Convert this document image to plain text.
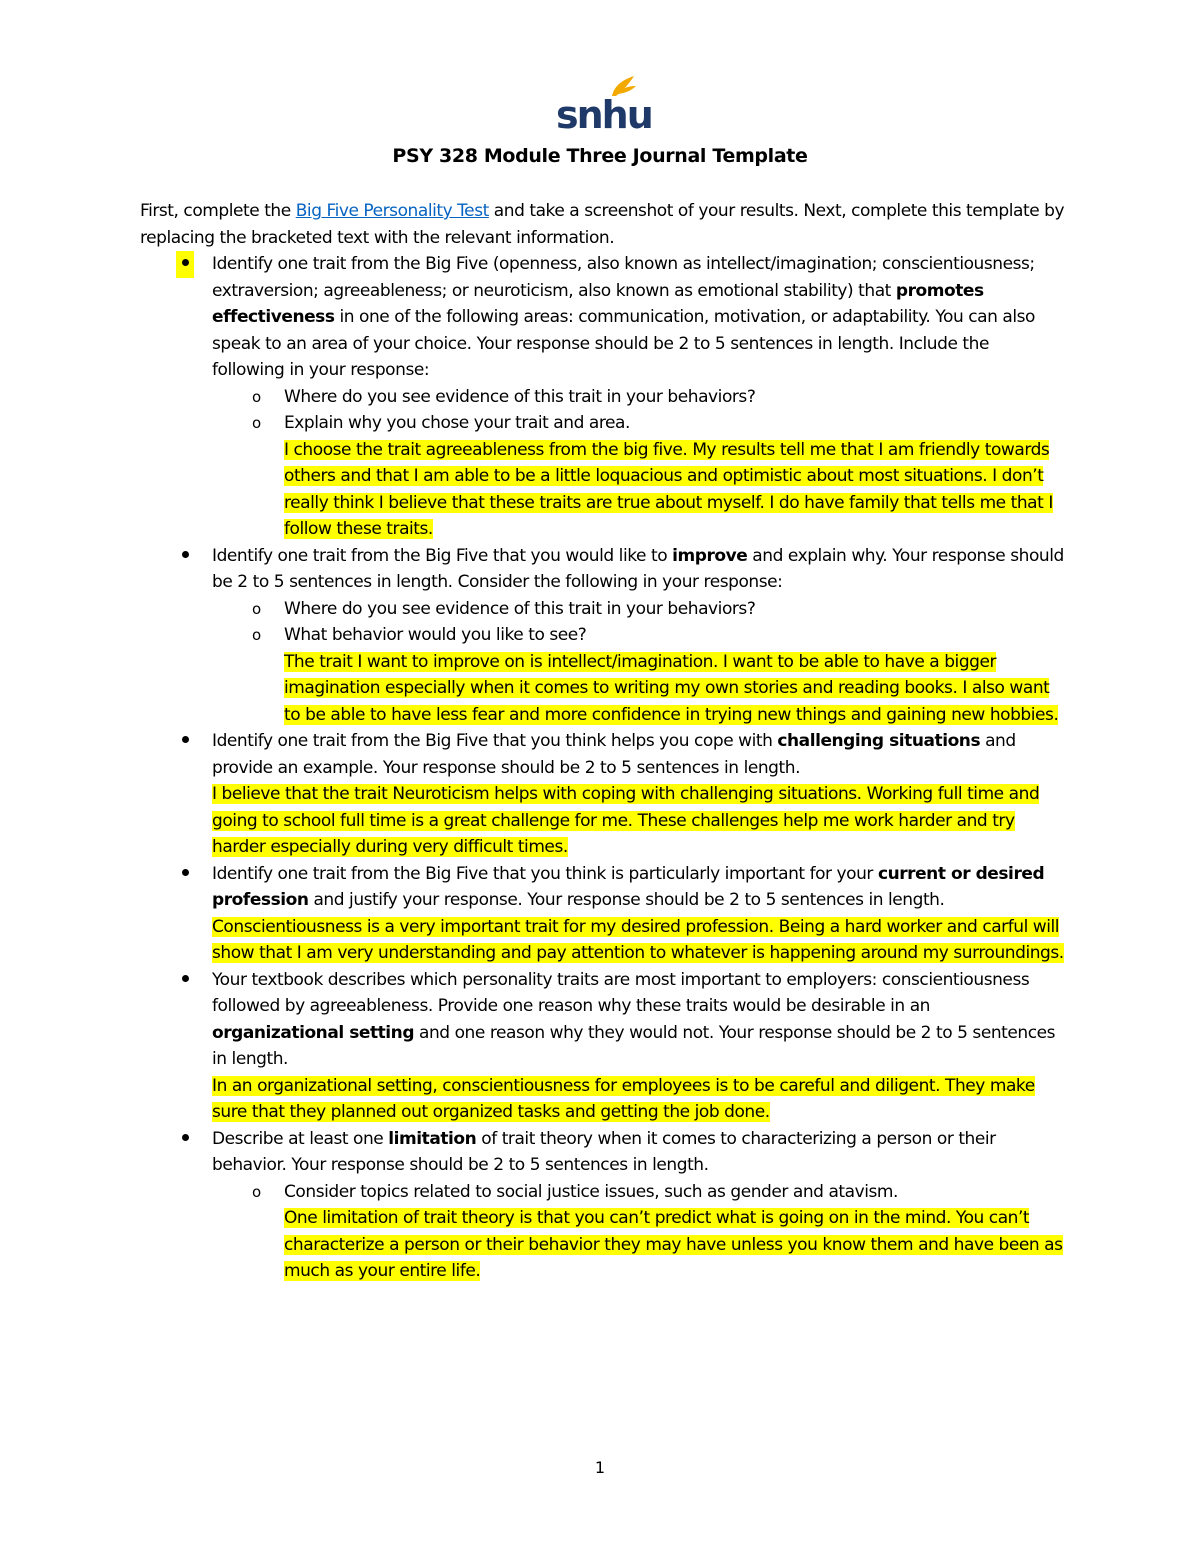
snhu
PSY 328 Module Three Journal Template

First, complete the Big Five Personality Test and take a screenshot of your results. Next, complete this template by replacing the bracketed text with the relevant information.

Identify one trait from the Big Five (openness, also known as intellect/imagination; conscientiousness; extraversion; agreeableness; or neuroticism, also known as emotional stability) that promotes effectiveness in one of the following areas: communication, motivation, or adaptability. You can also speak to an area of your choice. Your response should be 2 to 5 sentences in length. Include the following in your response:
o Where do you see evidence of this trait in your behaviors?
o Explain why you chose your trait and area.

I choose the trait agreeableness from the big five. My results tell me that I am friendly towards others and that I am able to be a little loquacious and optimistic about most situations. I don’t really think I believe that these traits are true about myself. I do have family that tells me that I follow these traits.

Identify one trait from the Big Five that you would like to improve and explain why. Your response should be 2 to 5 sentences in length. Consider the following in your response:
o Where do you see evidence of this trait in your behaviors?
o What behavior would you like to see?

The trait I want to improve on is intellect/imagination. I want to be able to have a bigger imagination especially when it comes to writing my own stories and reading books. I also want to be able to have less fear and more confidence in trying new things and gaining new hobbies.

Identify one trait from the Big Five that you think helps you cope with challenging situations and provide an example. Your response should be 2 to 5 sentences in length.

I believe that the trait Neuroticism helps with coping with challenging situations. Working full time and going to school full time is a great challenge for me. These challenges help me work harder and try harder especially during very difficult times.

Identify one trait from the Big Five that you think is particularly important for your current or desired profession and justify your response. Your response should be 2 to 5 sentences in length.

Conscientiousness is a very important trait for my desired profession. Being a hard worker and carful will show that I am very understanding and pay attention to whatever is happening around my surroundings.

Your textbook describes which personality traits are most important to employers: conscientiousness followed by agreeableness. Provide one reason why these traits would be desirable in an organizational setting and one reason why they would not. Your response should be 2 to 5 sentences in length.

In an organizational setting, conscientiousness for employees is to be careful and diligent. They make sure that they planned out organized tasks and getting the job done.

Describe at least one limitation of trait theory when it comes to characterizing a person or their behavior. Your response should be 2 to 5 sentences in length.
o Consider topics related to social justice issues, such as gender and atavism.

One limitation of trait theory is that you can’t predict what is going on in the mind. You can’t characterize a person or their behavior they may have unless you know them and have been as much as your entire life.

1
